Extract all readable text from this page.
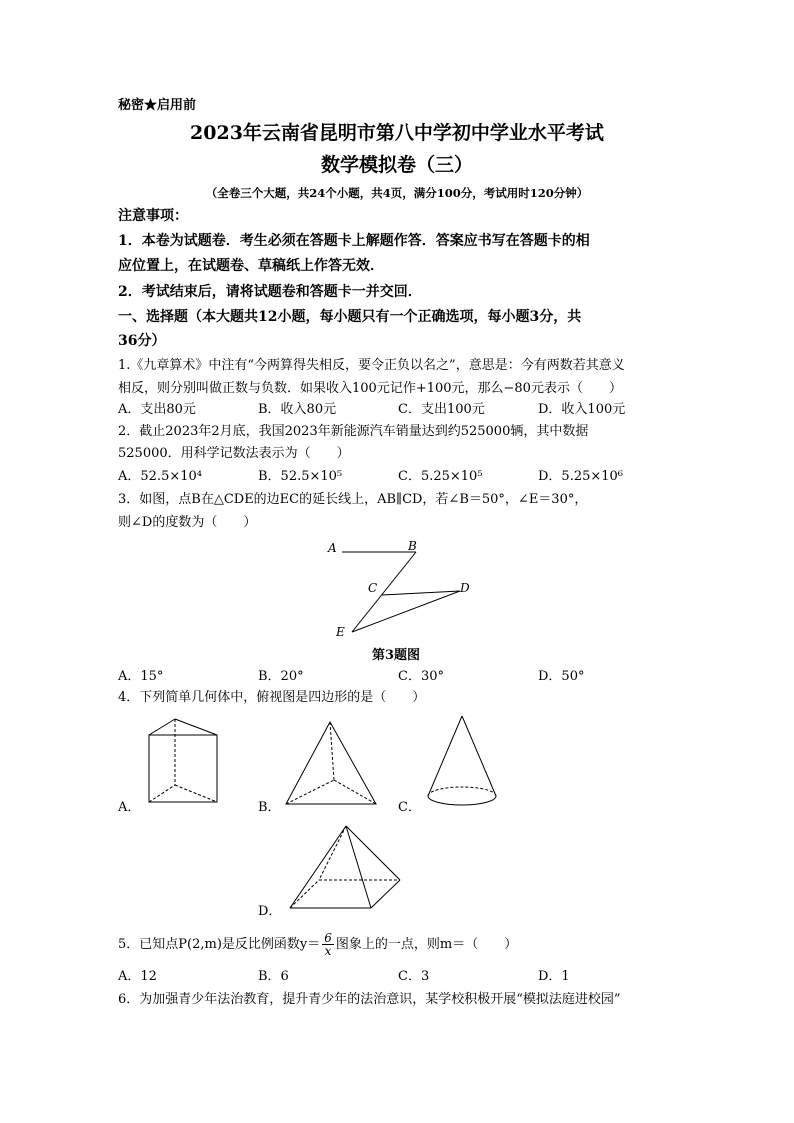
秘密★启用前
2023年云南省昆明市第八中学初中学业水平考试
数学模拟卷（三）
（全卷三个大题，共24个小题，共4页，满分100分，考试用时120分钟）
注意事项：
1．本卷为试题卷．考生必须在答题卡上解题作答．答案应书写在答题卡的相
应位置上，在试题卷、草稿纸上作答无效．
2．考试结束后，请将试题卷和答题卡一并交回．
一、选择题（本大题共12小题，每小题只有一个正确选项，每小题3分，共
36分）
1.《九章算术》中注有“今两算得失相反，要令正负以名之”，意思是：今有两数若其意义
相反，则分别叫做正数与负数．如果收入100元记作+100元，那么−80元表示（　　）
A．支出80元	B．收入80元	C．支出100元	D．收入100元
2．截止2023年2月底，我国2023年新能源汽车销量达到约525000辆，其中数据
525000．用科学记数法表示为（　　）
A．52.5×10⁴	B．52.5×10⁵	C．5.25×10⁵	D．5.25×10⁶
3．如图，点B在△CDE的边EC的延长线上，AB∥CD，若∠B＝50°，∠E＝30°，
则∠D的度数为（　　）
A	B
C	D
E
第3题图
A．15°	B．20°	C．30°	D．50°
4．下列简单几何体中，俯视图是四边形的是（　　）
A．	B．	C．
D．
5．已知点P(2,m)是反比例函数$y= \frac{6}{x}$ 图象上的一点，则m＝（　　）
A．12	B．6	C．3	D．1
6．为加强青少年法治教育，提升青少年的法治意识，某学校积极开展“模拟法庭进校园”
